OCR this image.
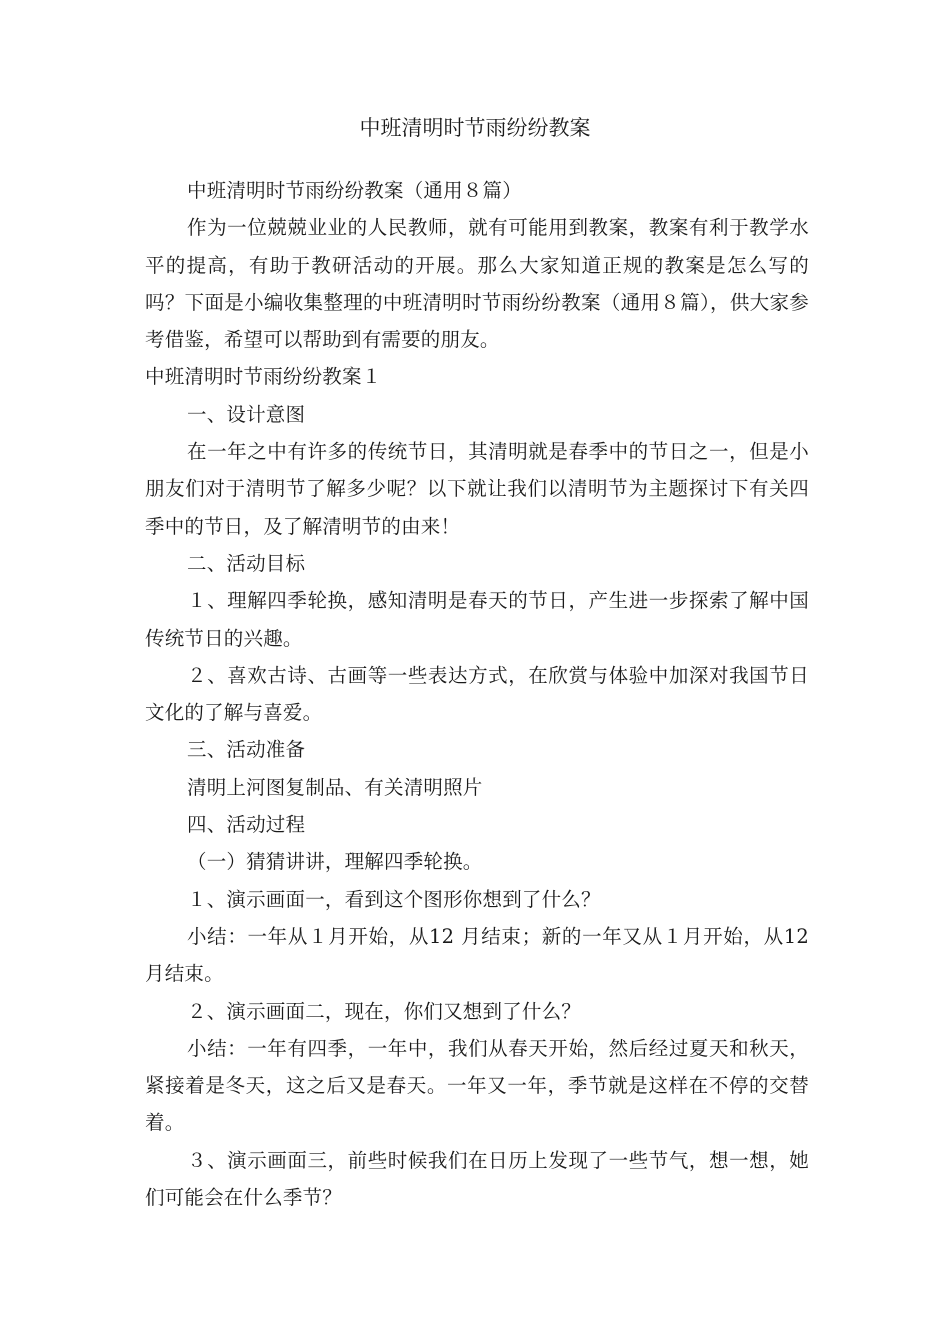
中班清明时节雨纷纷教案

中班清明时节雨纷纷教案（通用８篇）

作为一位兢兢业业的人民教师，就有可能用到教案，教案有利于教学水平的提高，有助于教研活动的开展。那么大家知道正规的教案是怎么写的吗？下面是小编收集整理的中班清明时节雨纷纷教案（通用８篇），供大家参考借鉴，希望可以帮助到有需要的朋友。

中班清明时节雨纷纷教案１

一、设计意图

在一年之中有许多的传统节日，其清明就是春季中的节日之一，但是小朋友们对于清明节了解多少呢？以下就让我们以清明节为主题探讨下有关四季中的节日，及了解清明节的由来！

二、活动目标

１、理解四季轮换，感知清明是春天的节日，产生进一步探索了解中国传统节日的兴趣。

２、喜欢古诗、古画等一些表达方式，在欣赏与体验中加深对我国节日文化的了解与喜爱。

三、活动准备

清明上河图复制品、有关清明照片

四、活动过程

（一）猜猜讲讲，理解四季轮换。

１、演示画面一，看到这个图形你想到了什么？

小结：一年从１月开始，从12 月结束；新的一年又从１月开始，从12 月结束。

２、演示画面二，现在，你们又想到了什么？

小结：一年有四季，一年中，我们从春天开始，然后经过夏天和秋天，紧接着是冬天，这之后又是春天。一年又一年，季节就是这样在不停的交替着。

３、演示画面三，前些时候我们在日历上发现了一些节气，想一想，她们可能会在什么季节？
